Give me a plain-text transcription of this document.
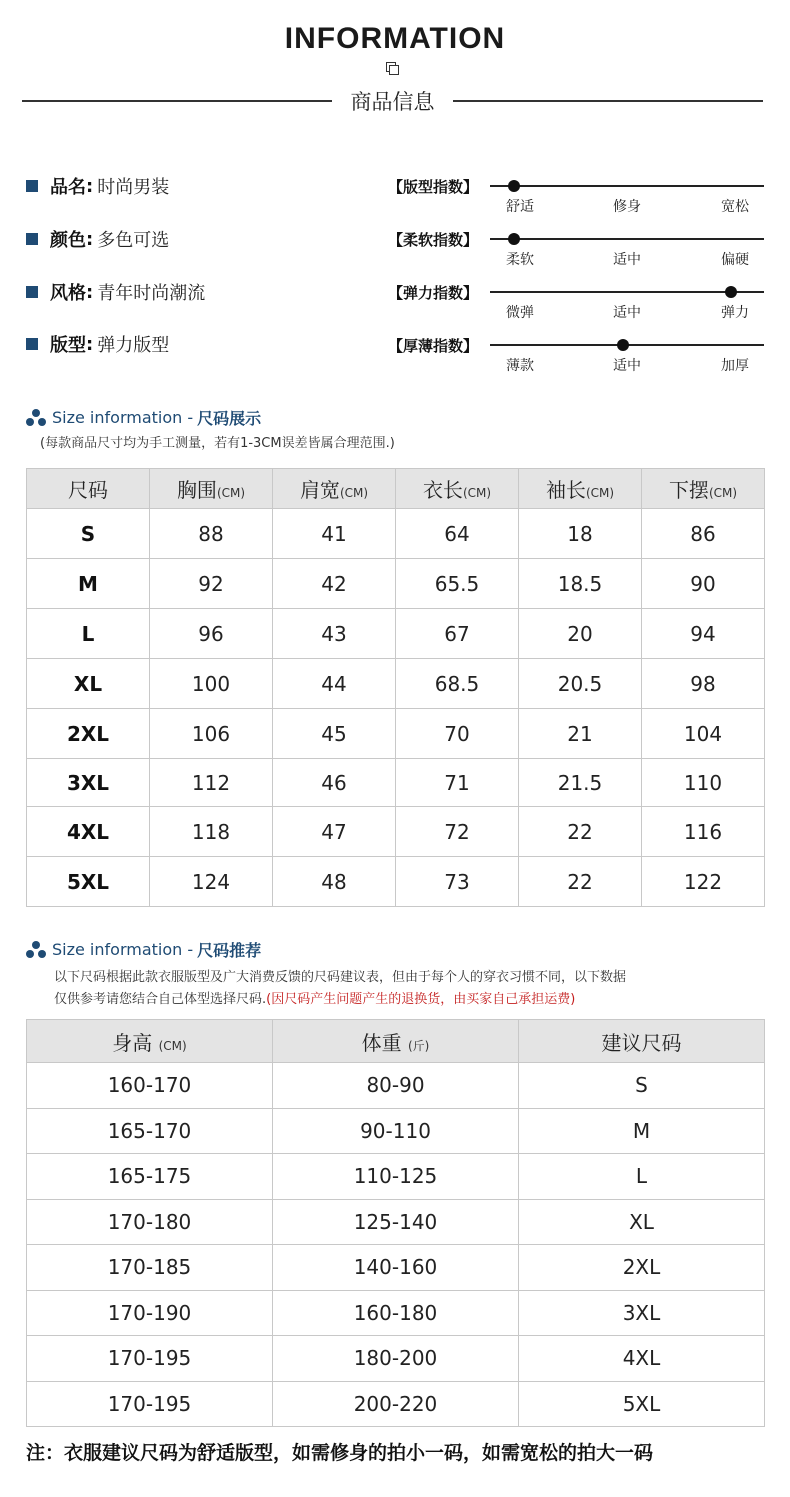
INFORMATION
商品信息
品名 : 时尚男装
颜色 : 多色可选
风格 : 青年时尚潮流
版型 : 弹力版型
【版型指数】
舒适	修身	宽松
【柔软指数】
柔软	适中	偏硬
【弹力指数】
微弹	适中	弹力
【厚薄指数】
薄款	适中	加厚
Size information - 尺码展示
(每款商品尺寸均为手工测量，若有1-3CM误差皆属合理范围.)
尺码	胸围(CM)	肩宽(CM)	衣长(CM)	袖长(CM)	下摆(CM)
S	88	41	64	18	86
M	92	42	65.5	18.5	90
L	96	43	67	20	94
XL	100	44	68.5	20.5	98
2XL	106	45	70	21	104
3XL	112	46	71	21.5	110
4XL	118	47	72	22	116
5XL	124	48	73	22	122
Size information - 尺码推荐
以下尺码根据此款衣服版型及广大消费反馈的尺码建议表，但由于每个人的穿衣习惯不同，以下数据
仅供参考请您结合自己体型选择尺码.(因尺码产生问题产生的退换货，由买家自己承担运费)
身高 (CM)	体重 (斤)	建议尺码
160-170	80-90	S
165-170	90-110	M
165-175	110-125	L
170-180	125-140	XL
170-185	140-160	2XL
170-190	160-180	3XL
170-195	180-200	4XL
170-195	200-220	5XL
注：衣服建议尺码为舒适版型，如需修身的拍小一码，如需宽松的拍大一码
